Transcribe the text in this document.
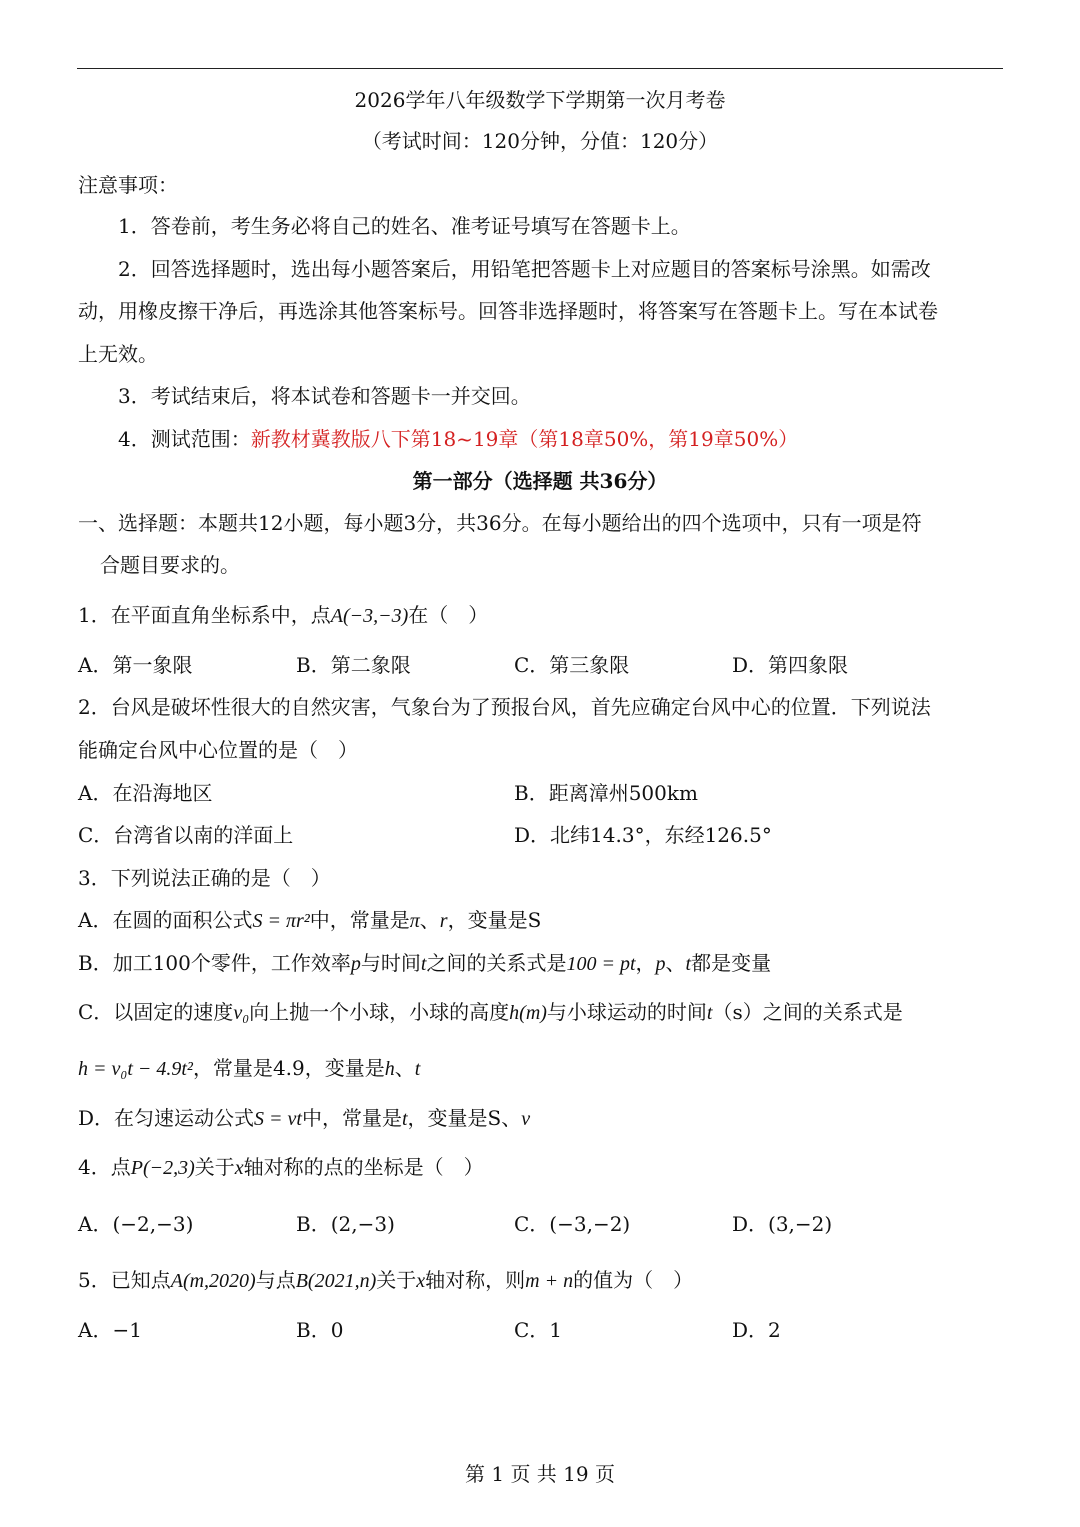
2026学年八年级数学下学期第一次月考卷
（考试时间：120分钟，分值：120分）
注意事项：
1．答卷前，考生务必将自己的姓名、准考证号填写在答题卡上。
2．回答选择题时，选出每小题答案后，用铅笔把答题卡上对应题目的答案标号涂黑。如需改
动，用橡皮擦干净后，再选涂其他答案标号。回答非选择题时，将答案写在答题卡上。写在本试卷
上无效。
3．考试结束后，将本试卷和答题卡一并交回。
4．测试范围：新教材冀教版八下第18~19章（第18章50%，第19章50%）
第一部分（选择题 共36分）
一、选择题：本题共12小题，每小题3分，共36分。在每小题给出的四个选项中，只有一项是符
合题目要求的。
1．在平面直角坐标系中，点A(−3,−3)在（　）
A．第一象限	B．第二象限	C．第三象限	D．第四象限
2．台风是破坏性很大的自然灾害，气象台为了预报台风，首先应确定台风中心的位置．下列说法
能确定台风中心位置的是（　）
A．在沿海地区	B．距离漳州500km
C．台湾省以南的洋面上	D．北纬14.3°，东经126.5°
3．下列说法正确的是（　）
A．在圆的面积公式S = πr²中，常量是π、r，变量是S
B．加工100个零件，工作效率p与时间t之间的关系式是100 = pt，p、t都是变量
C．以固定的速度v₀向上抛一个小球，小球的高度h(m)与小球运动的时间t（s）之间的关系式是
h = v₀t − 4.9t²，常量是4.9，变量是h、t
D．在匀速运动公式S = vt中，常量是t，变量是S、v
4．点P(−2,3)关于x轴对称的点的坐标是（　）
A．(−2,−3)	B．(2,−3)	C．(−3,−2)	D．(3,−2)
5．已知点A(m,2020)与点B(2021,n)关于x轴对称，则m + n的值为（　）
A．−1	B．0	C．1	D．2
第 1 页 共 19 页
